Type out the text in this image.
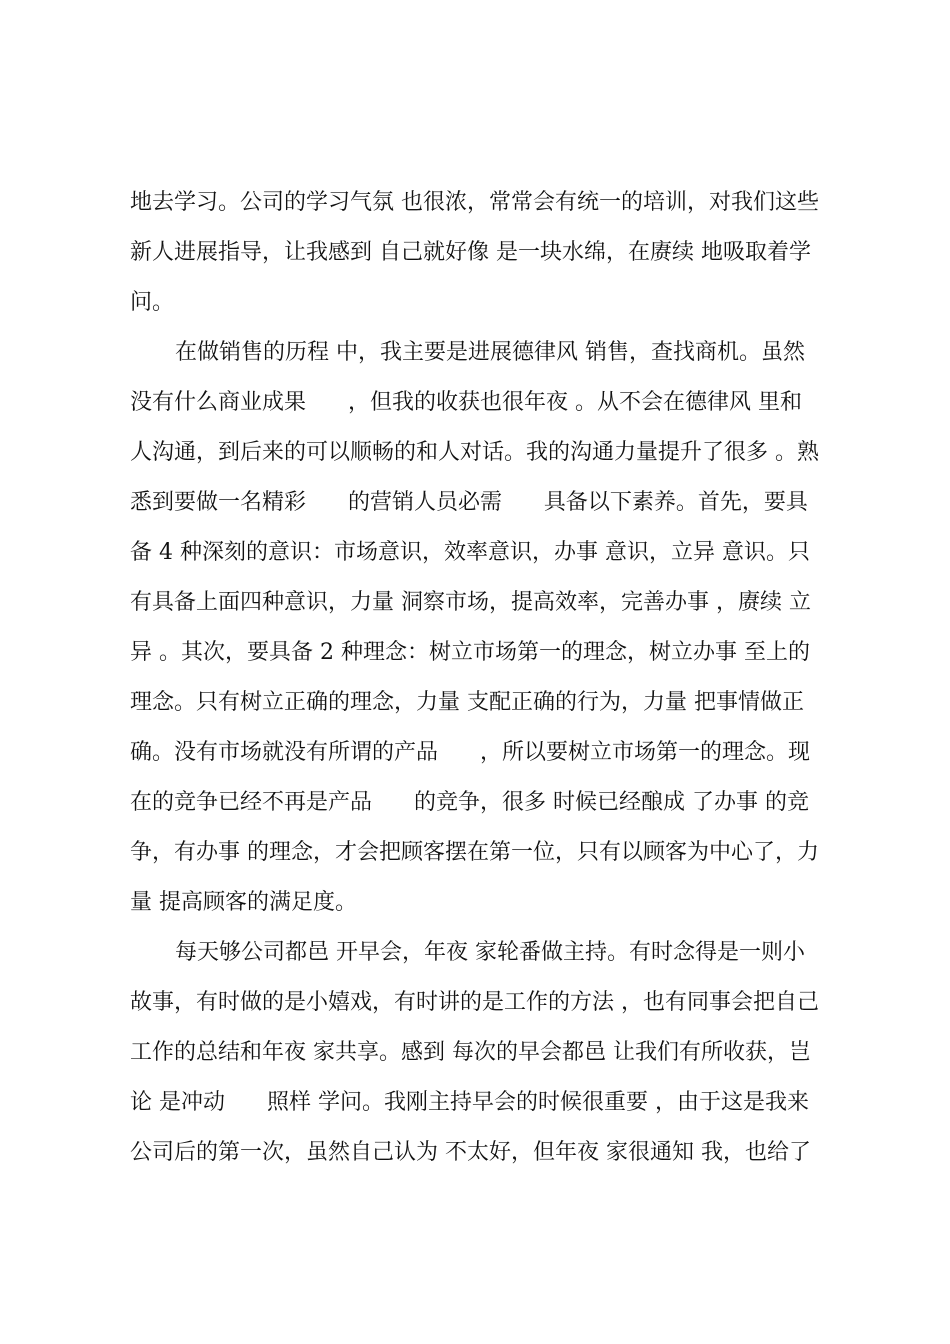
地去学习。公司的学习气氛 也很浓，常常会有统一的培训，对我们这些
新人进展指导，让我感到 自己就好像 是一块水绵，在赓续 地吸取着学
问。
在做销售的历程 中，我主要是进展德律风 销售，查找商机。虽然
没有什么商业成果      ，但我的收获也很年夜 。从不会在德律风 里和
人沟通，到后来的可以顺畅的和人对话。我的沟通力量提升了很多 。熟
悉到要做一名精彩      的营销人员必需      具备以下素养。首先，要具
备 4 种深刻的意识：市场意识，效率意识，办事 意识，立异 意识。只
有具备上面四种意识，力量 洞察市场，提高效率，完善办事 ，赓续 立
异 。其次，要具备 2 种理念：树立市场第一的理念，树立办事 至上的
理念。只有树立正确的理念，力量 支配正确的行为，力量 把事情做正
确。没有市场就没有所谓的产品      ，所以要树立市场第一的理念。现
在的竞争已经不再是产品      的竞争，很多 时候已经酿成 了办事 的竞
争，有办事 的理念，才会把顾客摆在第一位，只有以顾客为中心了，力
量 提高顾客的满足度。
每天够公司都邑 开早会，年夜 家轮番做主持。有时念得是一则小
故事，有时做的是小嬉戏，有时讲的是工作的方法 ，也有同事会把自己
工作的总结和年夜 家共享。感到 每次的早会都邑 让我们有所收获，岂
论 是冲动      照样 学问。我刚主持早会的时候很重要 ，由于这是我来
公司后的第一次，虽然自己认为 不太好，但年夜 家很通知 我，也给了
